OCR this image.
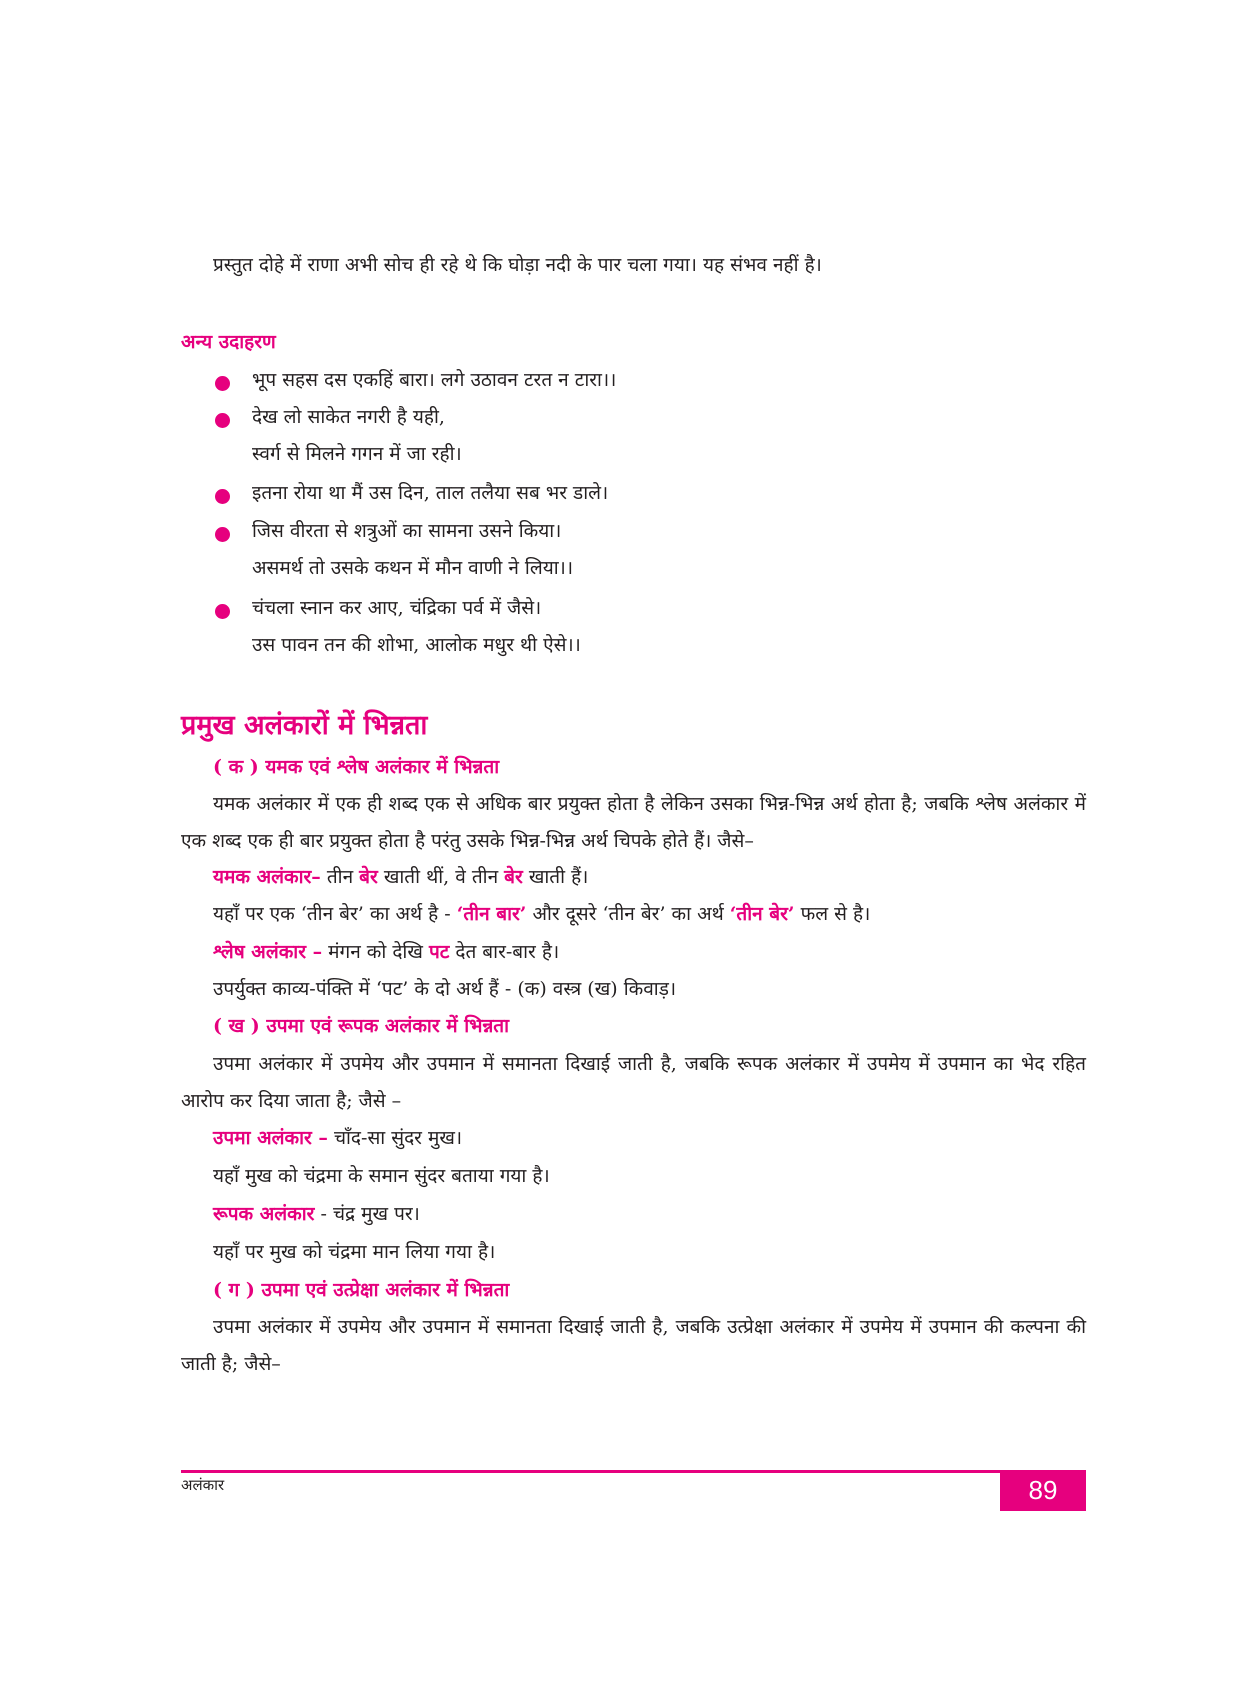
प्रस्तुत दोहे में राणा अभी सोच ही रहे थे कि घोड़ा नदी के पार चला गया। यह संभव नहीं है।
अन्य उदाहरण
भूप सहस दस एकहिं बारा। लगे उठावन टरत न टारा।।
देख लो साकेत नगरी है यही,
स्वर्ग से मिलने गगन में जा रही।
इतना रोया था मैं उस दिन, ताल तलैया सब भर डाले।
जिस वीरता से शत्रुओं का सामना उसने किया।
असमर्थ तो उसके कथन में मौन वाणी ने लिया।।
चंचला स्नान कर आए, चंद्रिका पर्व में जैसे।
उस पावन तन की शोभा, आलोक मधुर थी ऐसे।।
प्रमुख अलंकारों में भिन्नता
( क ) यमक एवं श्लेष अलंकार में भिन्नता
यमक अलंकार में एक ही शब्द एक से अधिक बार प्रयुक्त होता है लेकिन उसका भिन्न-भिन्न अर्थ होता है; जबकि श्लेष अलंकार में एक शब्द एक ही बार प्रयुक्त होता है परंतु उसके भिन्न-भिन्न अर्थ चिपके होते हैं। जैसे–
यमक अलंकार– तीन बेर खाती थीं, वे तीन बेर खाती हैं।
यहाँ पर एक ‘तीन बेर’ का अर्थ है - ‘तीन बार’ और दूसरे ‘तीन बेर’ का अर्थ ‘तीन बेर’ फल से है।
श्लेष अलंकार – मंगन को देखि पट देत बार-बार है।
उपर्युक्त काव्य-पंक्ति में ‘पट’ के दो अर्थ हैं - (क) वस्त्र (ख) किवाड़।
( ख ) उपमा एवं रूपक अलंकार में भिन्नता
उपमा अलंकार में उपमेय और उपमान में समानता दिखाई जाती है, जबकि रूपक अलंकार में उपमेय में उपमान का भेद रहित आरोप कर दिया जाता है; जैसे –
उपमा अलंकार – चाँद-सा सुंदर मुख।
यहाँ मुख को चंद्रमा के समान सुंदर बताया गया है।
रूपक अलंकार - चंद्र मुख पर।
यहाँ पर मुख को चंद्रमा मान लिया गया है।
( ग ) उपमा एवं उत्प्रेक्षा अलंकार में भिन्नता
उपमा अलंकार में उपमेय और उपमान में समानता दिखाई जाती है, जबकि उत्प्रेक्षा अलंकार में उपमेय में उपमान की कल्पना की जाती है; जैसे–
अलंकार	89
